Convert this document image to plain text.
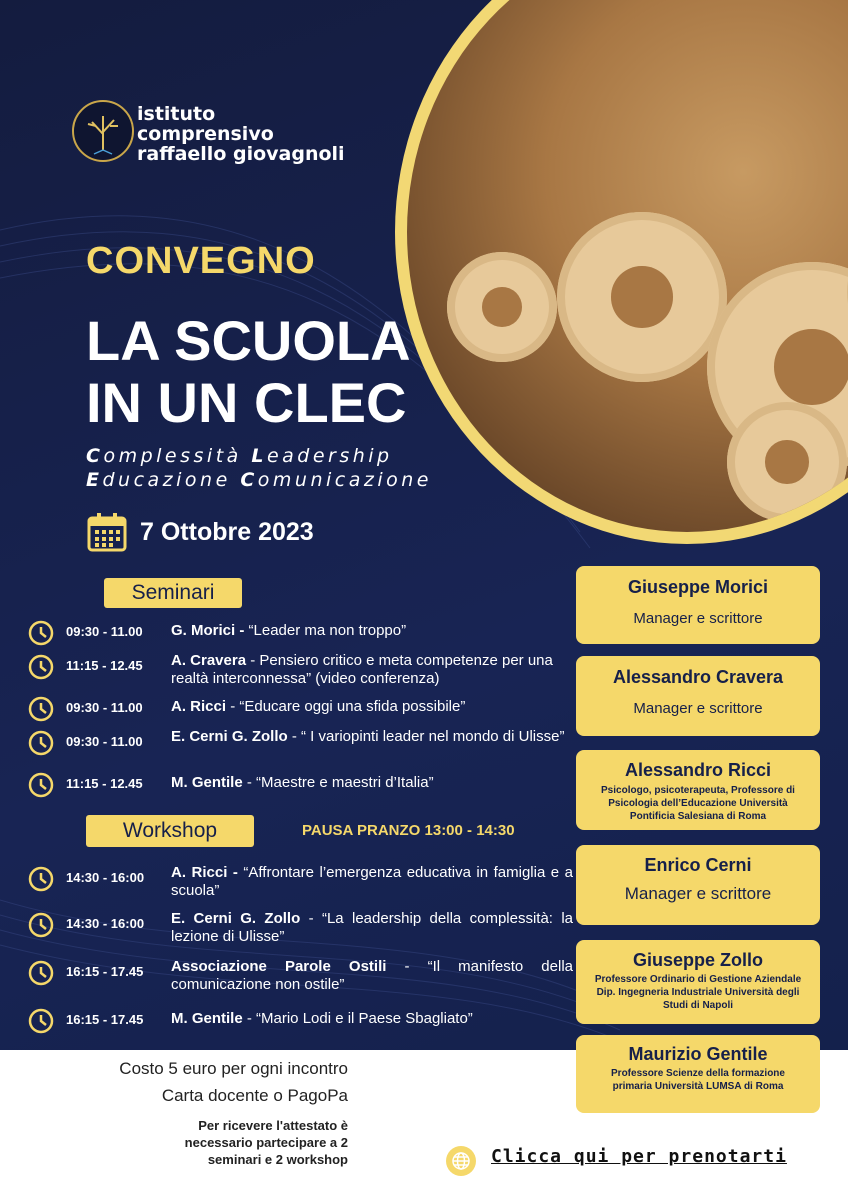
istituto
comprensivo
raffaello giovagnoli
CONVEGNO
LA SCUOLA
IN UN CLEC
Complessità Leadership
Educazione Comunicazione
7 Ottobre 2023
Seminari
09:30 - 11.00	G. Morici - “Leader ma non troppo”
11:15 - 12.45	A. Cravera - Pensiero critico e meta competenze per una realtà interconnessa” (video conferenza)
09:30 - 11.00	A. Ricci - “Educare oggi una sfida possibile”
09:30 - 11.00	E. Cerni G. Zollo - “ I variopinti leader nel mondo di Ulisse”
11:15 - 12.45	M. Gentile - “Maestre e maestri d’Italia”
Workshop	PAUSA PRANZO 13:00 - 14:30
14:30 - 16:00	A. Ricci - “Affrontare l’emergenza educativa in famiglia e a scuola”
14:30 - 16:00	E. Cerni G. Zollo - “La leadership della complessità: la lezione di Ulisse”
16:15 - 17.45	Associazione Parole Ostili - “Il manifesto della comunicazione non ostile”
16:15 - 17.45	M. Gentile - “Mario Lodi e il Paese Sbagliato”
Giuseppe Morici
Manager e scrittore
Alessandro Cravera
Manager e scrittore
Alessandro Ricci
Psicologo, psicoterapeuta, Professore di Psicologia dell’Educazione Università Pontificia Salesiana di Roma
Enrico Cerni
Manager e scrittore
Giuseppe Zollo
Professore Ordinario di Gestione Aziendale Dip. Ingegneria Industriale Università degli Studi di Napoli
Maurizio Gentile
Professore Scienze della formazione primaria Università LUMSA di Roma
Costo 5 euro per ogni incontro
Carta docente o PagoPa
Per ricevere l'attestato è
necessario partecipare a 2
seminari e 2 workshop	Clicca qui per prenotarti
